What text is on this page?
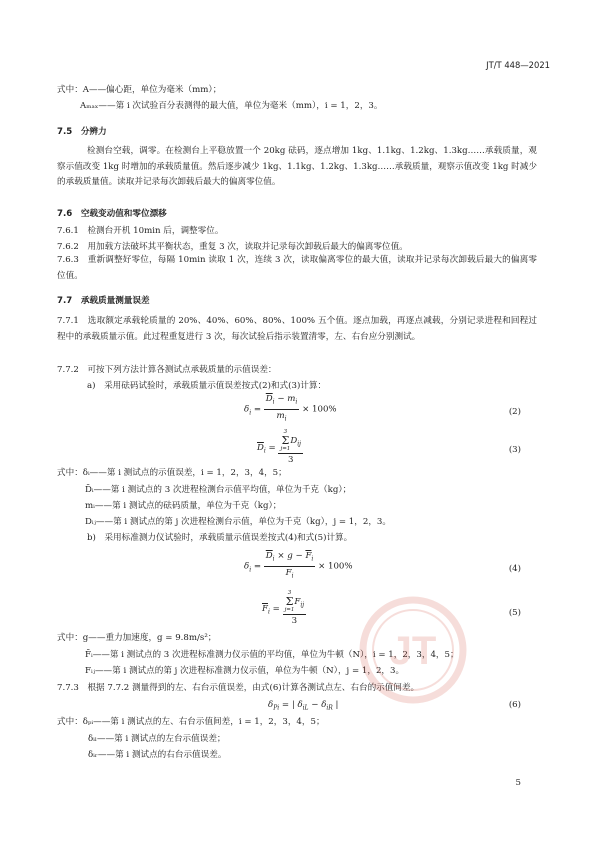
JT/T 448—2021
式中：A——偏心距，单位为毫米（mm）；
Aₘₐₓ——第 i 次试验百分表测得的最大值，单位为毫米（mm），i = 1，2，3。
7.5　分辨力
检测台空载，调零。在检测台上平稳放置一个 20kg 砝码，逐点增加 1kg、1.1kg、1.2kg、1.3kg……承载质量，观察示值改变 1kg 时增加的承载质量值。然后逐步减少 1kg、1.1kg、1.2kg、1.3kg……承载质量，观察示值改变 1kg 时减少的承载质量值。读取并记录每次卸载后最大的偏离零位值。
7.6　空载变动值和零位漂移
7.6.1　检测台开机 10min 后，调整零位。
7.6.2　用加载方法破坏其平衡状态，重复 3 次，读取并记录每次卸载后最大的偏离零位值。
7.6.3　重新调整好零位，每隔 10min 读取 1 次，连续 3 次，读取偏离零位的最大值，读取并记录每次卸载后最大的偏离零位值。
7.7　承载质量测量误差
7.7.1　选取额定承载轮质量的 20%、40%、60%、80%、100% 五个值。逐点加载，再逐点减载，分别记录进程和回程过程中的承载质量示值。此过程重复进行 3 次，每次试验后指示装置清零，左、右台应分别测试。
7.7.2　可按下列方法计算各测试点承载质量的示值误差：
a)　采用砝码试验时，承载质量示值误差按式(2)和式(3)计算：
$\delta_i = \frac{\overline{D}_i - m_i}{m_i} \times 100\%$	(2)
$\overline{D}_i = 3$
Σ
j=1
$D_{ij}$
3	(3)
式中：δᵢ——第 i 测试点的示值误差，i = 1，2，3，4，5；
D̄ᵢ——第 i 测试点的 3 次进程检测台示值平均值，单位为千克（kg）；
mᵢ——第 i 测试点的砝码质量，单位为千克（kg）；
Dᵢⱼ——第 i 测试点的第 j 次进程检测台示值，单位为千克（kg），j = 1，2，3。
b)　采用标准测力仪试验时，承载质量示值误差按式(4)和式(5)计算。
$\delta_i = \frac{\overline{D}_i \times g - \overline{F}_i}{F_i} \times 100\%$	(4)
$\overline{F}_i = 3$
Σ
j=1
$F_{ij}$
3	(5)
式中：g——重力加速度，g = 9.8m/s²；
F̄ᵢ——第 i 测试点的 3 次进程标准测力仪示值的平均值，单位为牛顿（N），i = 1，2，3，4，5；
Fᵢⱼ——第 i 测试点的第 j 次进程标准测力仪示值，单位为牛顿（N），j = 1，2，3。
7.7.3　根据 7.7.2 测量得到的左、右台示值误差，由式(6)计算各测试点左、右台的示值间差。
$\delta_{Pi}$ = | $\delta_{iL} - \delta_{iR}$ |	(6)
式中：δₚᵢ——第 i 测试点的左、右台示值间差，i = 1，2，3，4，5；
δᵢₗ——第 i 测试点的左台示值误差；
δᵢᵣ——第 i 测试点的右台示值误差。
JT
5
